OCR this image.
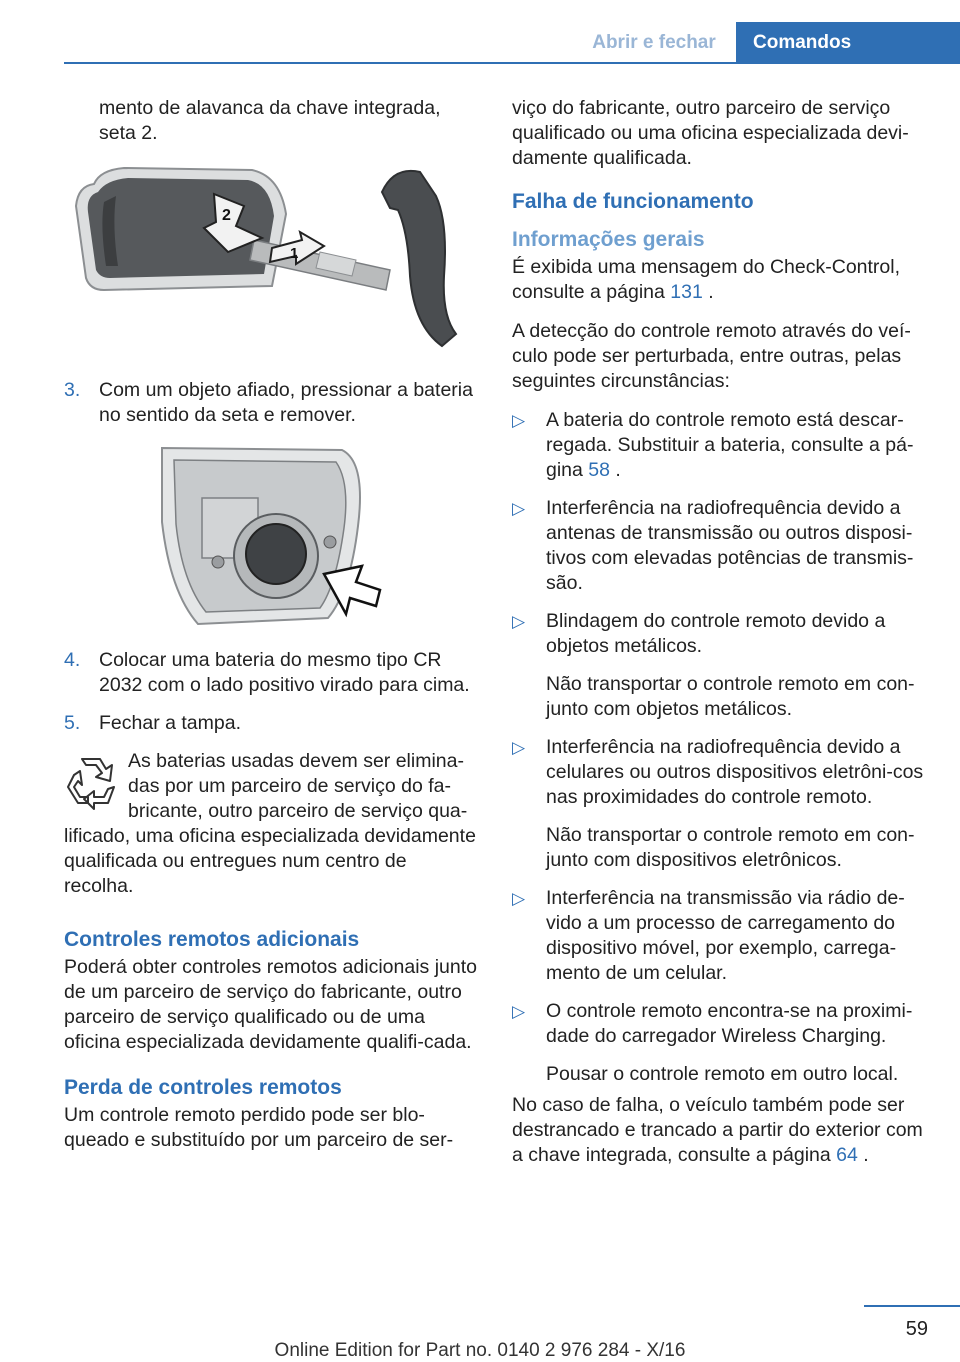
Abrir e fechar	Comandos

mento de alavanca da chave integrada, seta 2.

2
1
3. Com um objeto afiado, pressionar a bateria no sentido da seta e remover.
4. Colocar uma bateria do mesmo tipo CR 2032 com o lado positivo virado para cima.
5. Fechar a tampa.
As baterias usadas devem ser elimina-das por um parceiro de serviço do fa-bricante, outro parceiro de serviço qua-lificado, uma oficina especializada devidamente qualificada ou entregues num centro de recolha.
Controles remotos adicionais

Poderá obter controles remotos adicionais junto de um parceiro de serviço do fabricante, outro parceiro de serviço qualificado ou de uma oficina especializada devidamente qualifi-cada.

Perda de controles remotos

Um controle remoto perdido pode ser blo-queado e substituído por um parceiro de ser-

viço do fabricante, outro parceiro de serviço qualificado ou uma oficina especializada devi-damente qualificada.

Falha de funcionamento
Informações gerais

É exibida uma mensagem do Check-Control, consulte a página 131 .

A detecção do controle remoto através do veí-culo pode ser perturbada, entre outras, pelas seguintes circunstâncias:

▷ A bateria do controle remoto está descar-regada. Substituir a bateria, consulte a pá-gina 58 .
▷ Interferência na radiofrequência devido a antenas de transmissão ou outros disposi-tivos com elevadas potências de transmis-são.
▷ Blindagem do controle remoto devido a objetos metálicos.

Não transportar o controle remoto em con-junto com objetos metálicos.

▷ Interferência na radiofrequência devido a celulares ou outros dispositivos eletrôni-cos nas proximidades do controle remoto.

Não transportar o controle remoto em con-junto com dispositivos eletrônicos.

▷ Interferência na transmissão via rádio de-vido a um processo de carregamento do dispositivo móvel, por exemplo, carrega-mento de um celular.
▷ O controle remoto encontra-se na proximi-dade do carregador Wireless Charging.

Pousar o controle remoto em outro local.

No caso de falha, o veículo também pode ser destrancado e trancado a partir do exterior com a chave integrada, consulte a página 64 .

59
Online Edition for Part no. 0140 2 976 284 - X/16
